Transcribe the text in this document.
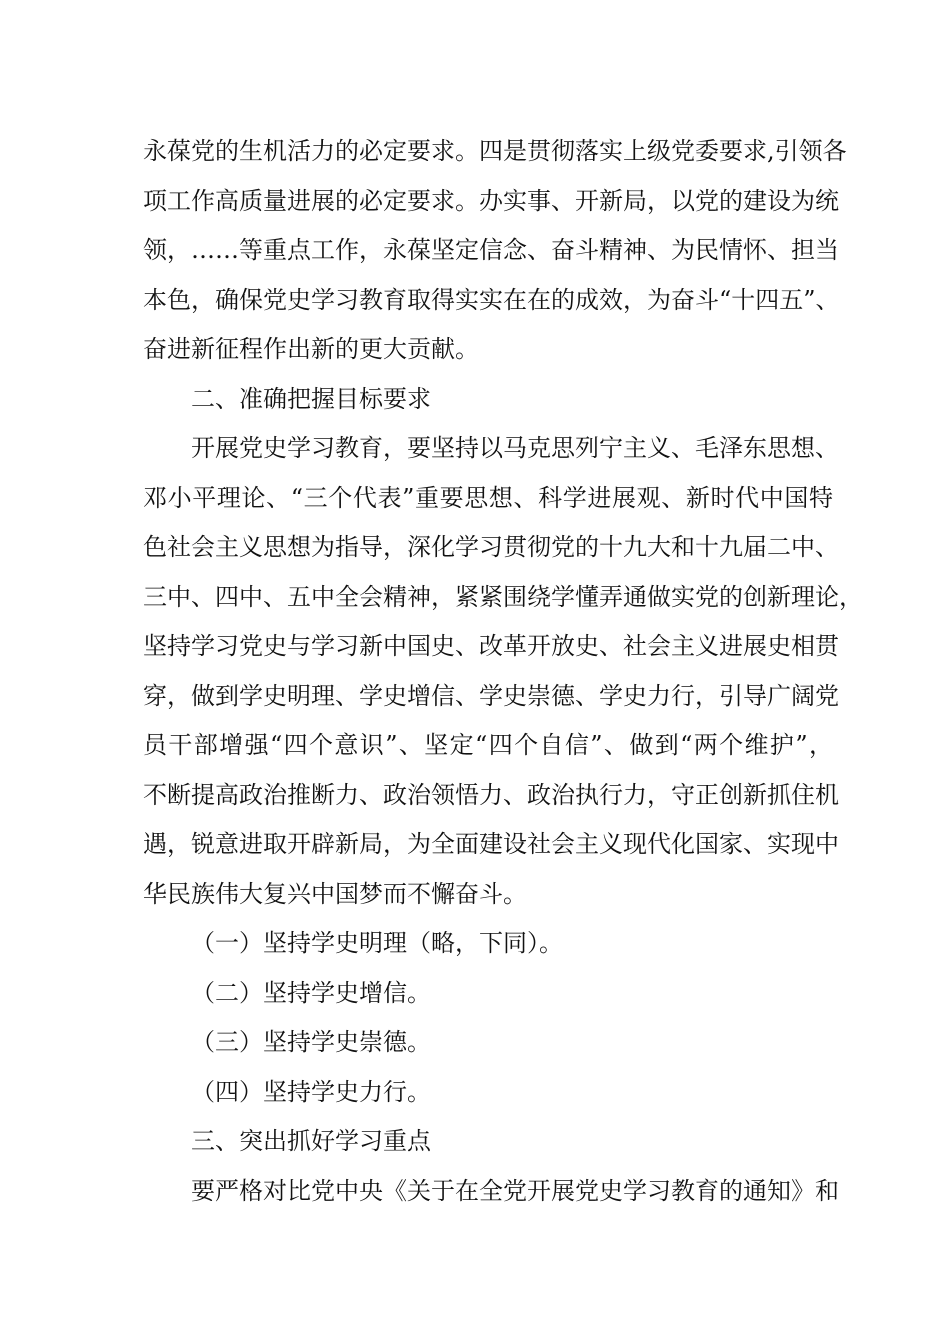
永葆党的生机活力的必定要求。四是贯彻落实上级党委要求,引领各
项工作高质量进展的必定要求。办实事、开新局，以党的建设为统
领，……等重点工作，永葆坚定信念、奋斗精神、为民情怀、担当
本色，确保党史学习教育取得实实在在的成效，为奋斗“十四五”、
奋进新征程作出新的更大贡献。
二、准确把握目标要求
开展党史学习教育，要坚持以马克思列宁主义、毛泽东思想、
邓小平理论、“三个代表”重要思想、科学进展观、新时代中国特
色社会主义思想为指导，深化学习贯彻党的十九大和十九届二中、
三中、四中、五中全会精神，紧紧围绕学懂弄通做实党的创新理论，
坚持学习党史与学习新中国史、改革开放史、社会主义进展史相贯
穿，做到学史明理、学史增信、学史崇德、学史力行，引导广阔党
员干部增强“四个意识”、坚定“四个自信”、做到“两个维护”，
不断提高政治推断力、政治领悟力、政治执行力，守正创新抓住机
遇，锐意进取开辟新局，为全面建设社会主义现代化国家、实现中
华民族伟大复兴中国梦而不懈奋斗。
（一）坚持学史明理（略，下同）。
（二）坚持学史增信。
（三）坚持学史崇德。
（四）坚持学史力行。
三、突出抓好学习重点
要严格对比党中央《关于在全党开展党史学习教育的通知》和
